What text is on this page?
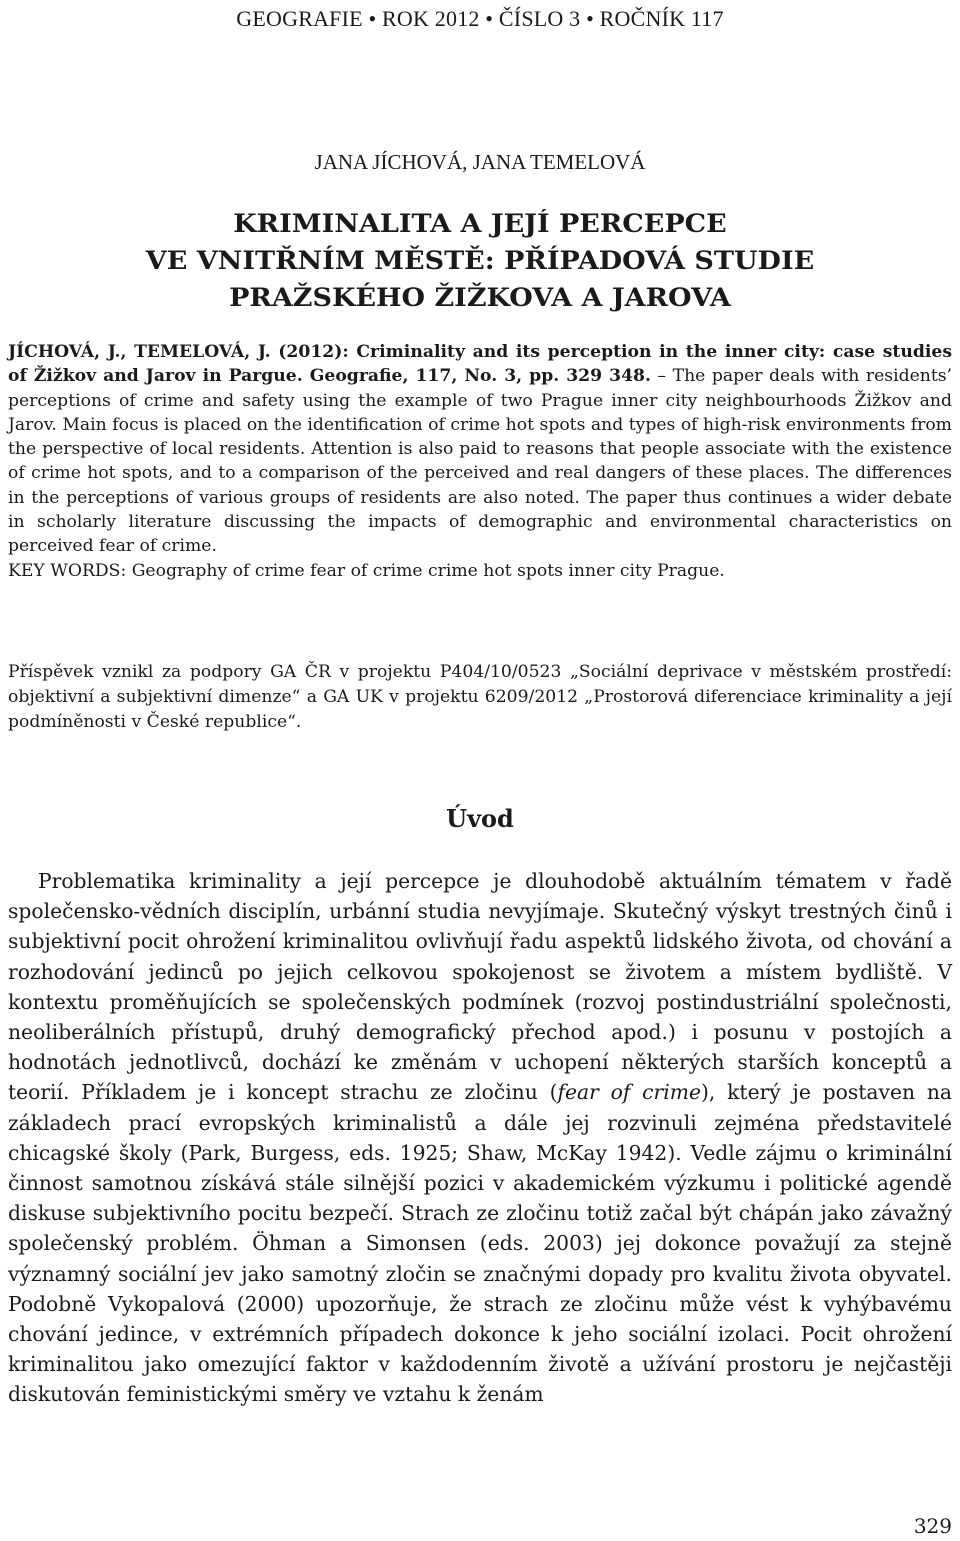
GEOGRAFIE • ROK 2012 • ČÍSLO 3 • ROČNÍK 117
JANA JÍCHOVÁ, JANA TEMELOVÁ
KRIMINALITA A JEJÍ PERCEPCE
VE VNITŘNÍM MĚSTĚ: PŘÍPADOVÁ STUDIE
PRAŽSKÉHO ŽIŽKOVA A JAROVA

JÍCHOVÁ, J., TEMELOVÁ, J. (2012): Criminality and its perception in the inner city: case studies of Žižkov and Jarov in Pargue. Geografie, 117, No. 3, pp. 329 348. – The paper deals with residents’ perceptions of crime and safety using the example of two Prague inner city neighbourhoods Žižkov and Jarov. Main focus is placed on the identification of crime hot spots and types of high-risk environments from the perspective of local residents. Attention is also paid to reasons that people associate with the existence of crime hot spots, and to a comparison of the perceived and real dangers of these places. The differences in the perceptions of various groups of residents are also noted. The paper thus continues a wider debate in scholarly literature discussing the impacts of demographic and environmental characteristics on perceived fear of crime.
KEY WORDS: Geography of crime fear of crime crime hot spots inner city Prague.

Příspěvek vznikl za podpory GA ČR v projektu P404/10/0523 „Sociální deprivace v městském prostředí: objektivní a subjektivní dimenze“ a GA UK v projektu 6209/2012 „Prostorová diferenciace kriminality a její podmíněnosti v České republice“.

Úvod

Problematika kriminality a její percepce je dlouhodobě aktuálním tématem v řadě společensko-vědních disciplín, urbánní studia nevyjímaje. Skutečný výskyt trestných činů i subjektivní pocit ohrožení kriminalitou ovlivňují řadu aspektů lidského života, od chování a rozhodování jedinců po jejich celkovou spokojenost se životem a místem bydliště. V kontextu proměňujících se společenských podmínek (rozvoj postindustriální společnosti, neoliberálních přístupů, druhý demografický přechod apod.) i posunu v postojích a hodnotách jednotlivců, dochází ke změnám v uchopení některých starších konceptů a teorií. Příkladem je i koncept strachu ze zločinu (fear of crime), který je postaven na základech prací evropských kriminalistů a dále jej rozvinuli zejména představitelé chicagské školy (Park, Burgess, eds. 1925; Shaw, McKay 1942). Vedle zájmu o kriminální činnost samotnou získává stále silnější pozici v akademickém výzkumu i politické agendě diskuse subjektivního pocitu bezpečí. Strach ze zločinu totiž začal být chápán jako závažný společenský problém. Öhman a Simonsen (eds. 2003) jej dokonce považují za stejně významný sociální jev jako samotný zločin se značnými dopady pro kvalitu života obyvatel. Podobně Vykopalová (2000) upozorňuje, že strach ze zločinu může vést k vyhýbavému chování jedince, v extrémních případech dokonce k jeho sociální izolaci. Pocit ohrožení kriminalitou jako omezující faktor v každodenním životě a užívání prostoru je nejčastěji diskutován feministickými směry ve vztahu k ženám

329
